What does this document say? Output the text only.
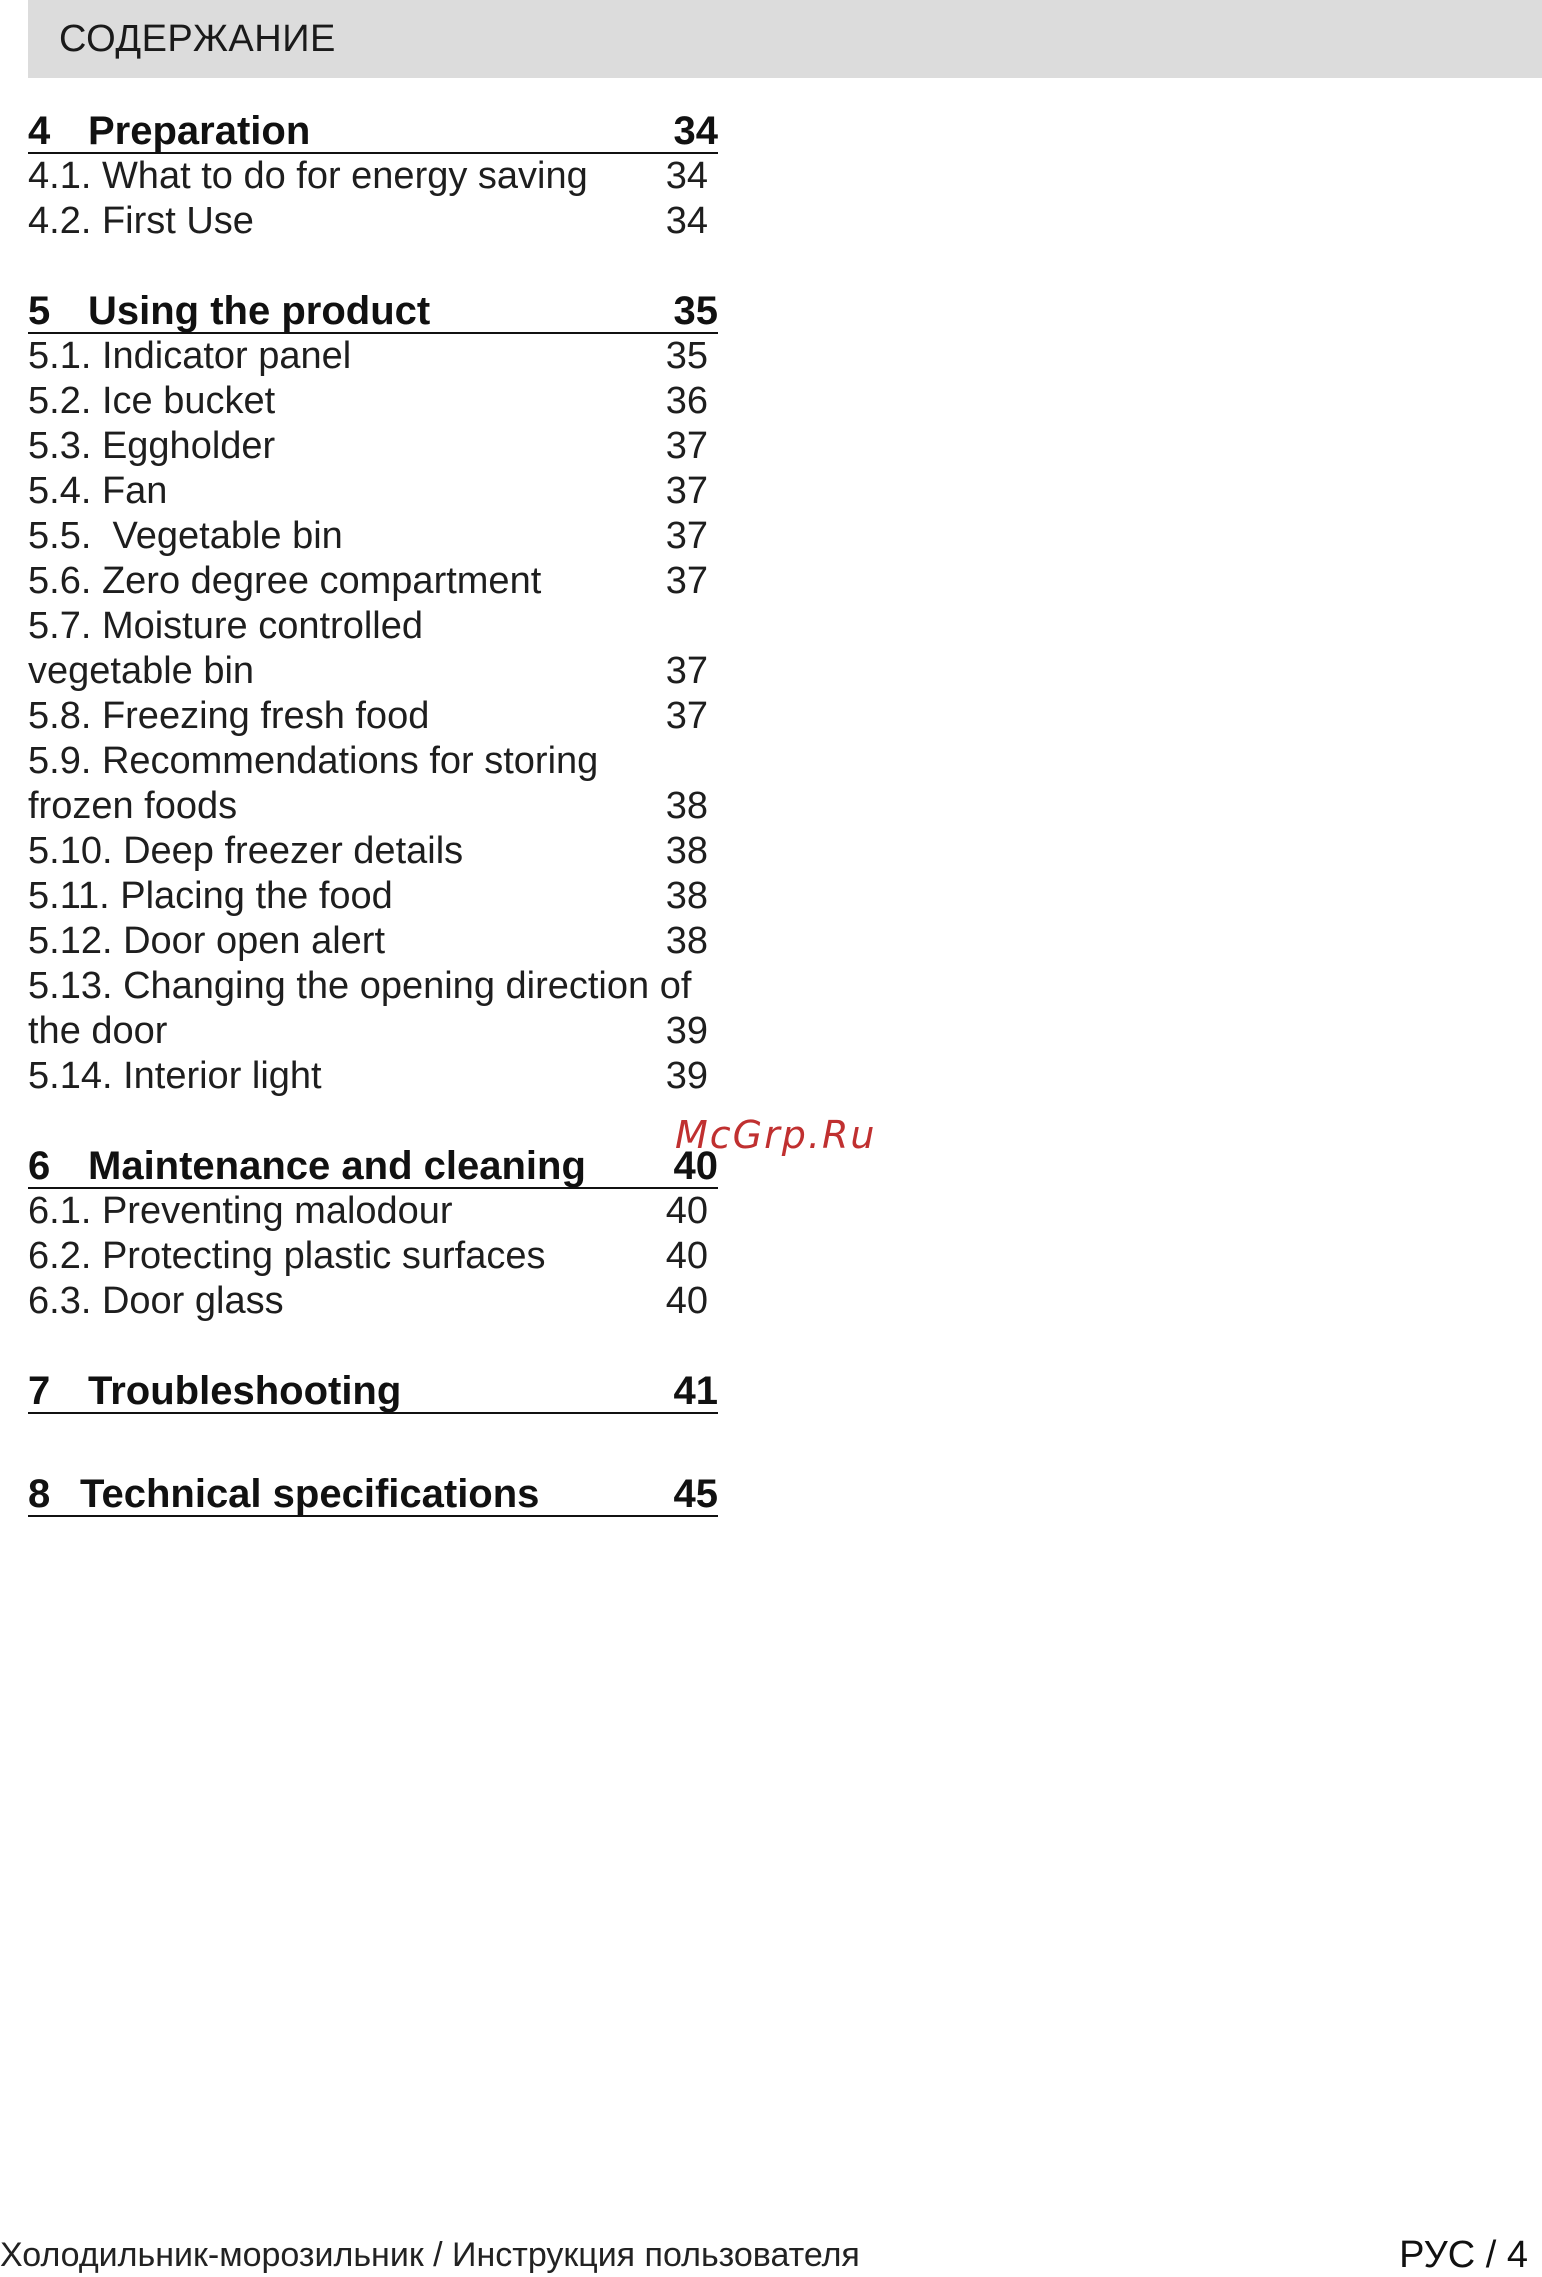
СОДЕРЖАНИЕ
4 Preparation	34
4.1. What to do for energy saving 34
4.2. First Use	34
5 Using the product	35
5.1. Indicator panel	35
5.2. Ice bucket	36
5.3. Eggholder	37
5.4. Fan	37
5.5.  Vegetable bin	37
5.6. Zero degree compartment	37
5.7. Moisture controlled vegetable bin	37
5.8. Freezing fresh food	37
5.9. Recommendations for storing frozen foods	38
5.10. Deep freezer details	38
5.11. Placing the food	38
5.12. Door open alert	38
5.13. Changing the opening direction of the door	39
5.14. Interior light	39
6 Maintenance and cleaning 40
6.1. Preventing malodour	40
6.2. Protecting plastic surfaces	40
6.3. Door glass	40
7 Troubleshooting	41
8 Technical specifications	45
McGrp.Ru
Холодильник-морозильник / Инструкция пользователя	РУС / 4
